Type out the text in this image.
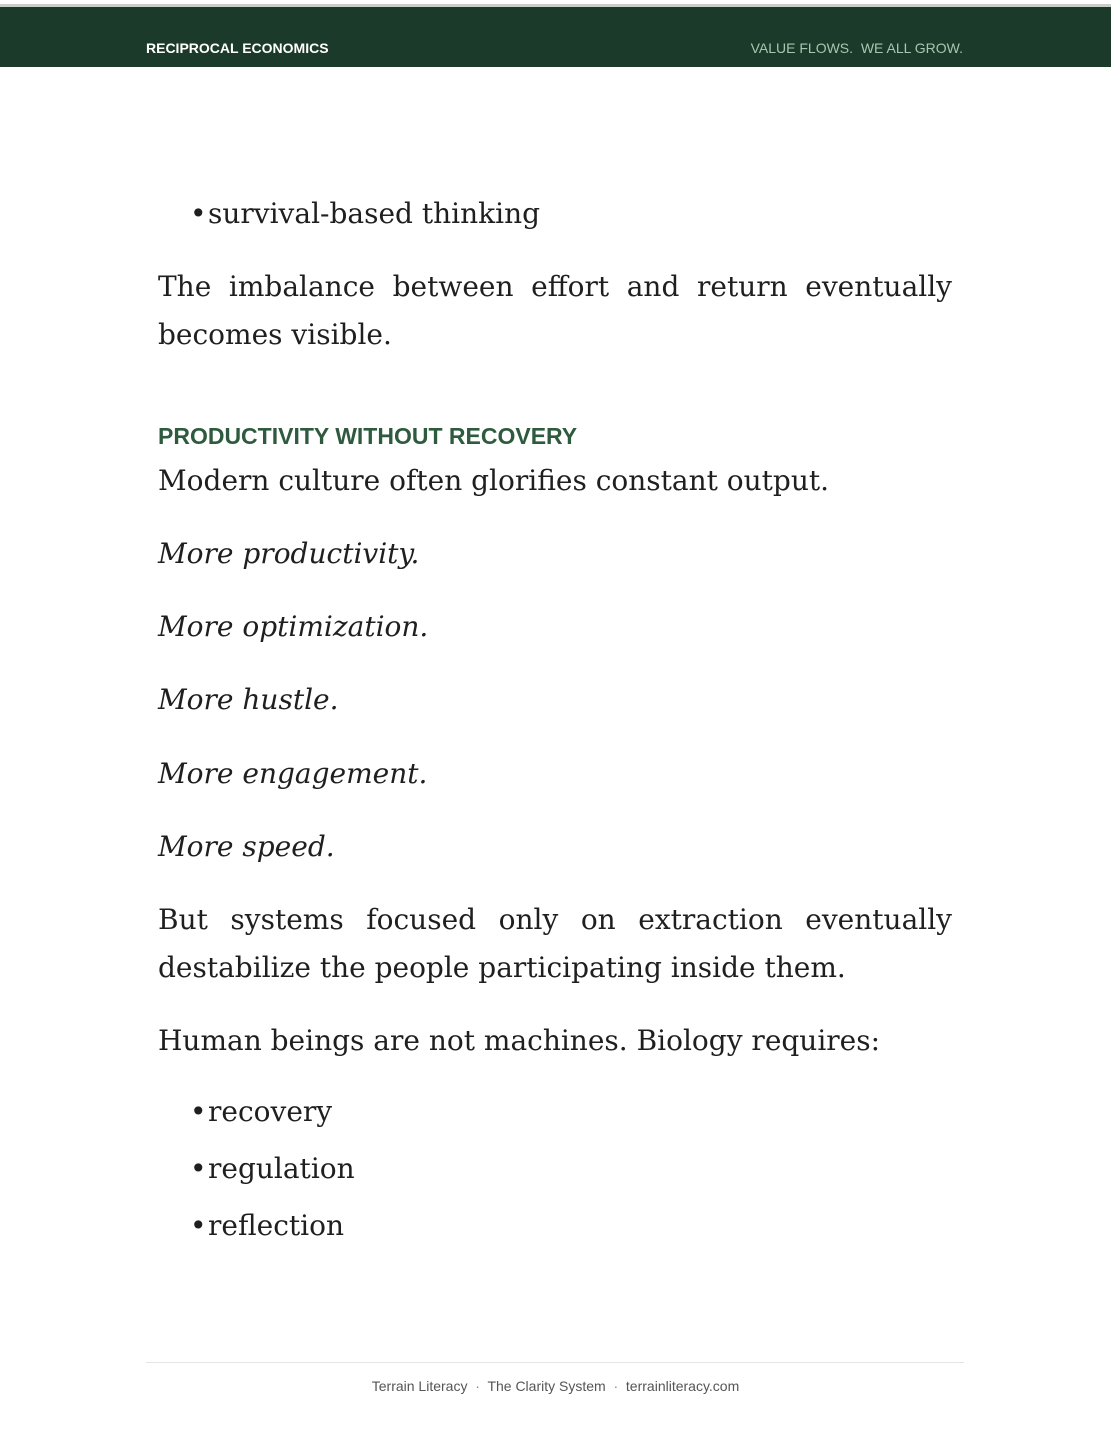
RECIPROCAL ECONOMICS	VALUE FLOWS.  WE ALL GROW.
•survival-based thinking
The imbalance between effort and return eventually becomes visible.
PRODUCTIVITY WITHOUT RECOVERY
Modern culture often glorifies constant output.
More productivity.
More optimization.
More hustle.
More engagement.
More speed.
But systems focused only on extraction eventually destabilize the people participating inside them.
Human beings are not machines. Biology requires:
•recovery
•regulation
•reflection
Terrain Literacy · The Clarity System · terrainliteracy.com
